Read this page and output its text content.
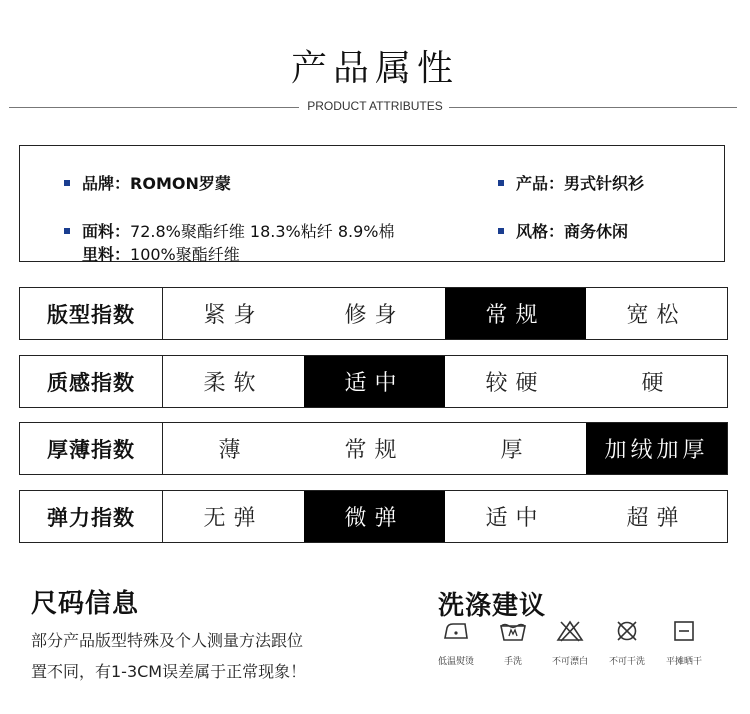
产品属性
PRODUCT ATTRIBUTES
品牌：ROMON罗蒙	产品：男式针织衫
面料：72.8%聚酯纤维 18.3%粘纤 8.9%棉
里料：100%聚酯纤维
风格：商务休闲
版型指数	紧身	修身	常规	宽松
质感指数	柔软	适中	较硬	硬
厚薄指数	薄	常规	厚	加绒加厚
弹力指数	无弹	微弹	适中	超弹
尺码信息
部分产品版型特殊及个人测量方法跟位
置不同，有1-3CM误差属于正常现象！
洗涤建议
低温熨烫	手洗	不可漂白	不可干洗	平摊晒干
